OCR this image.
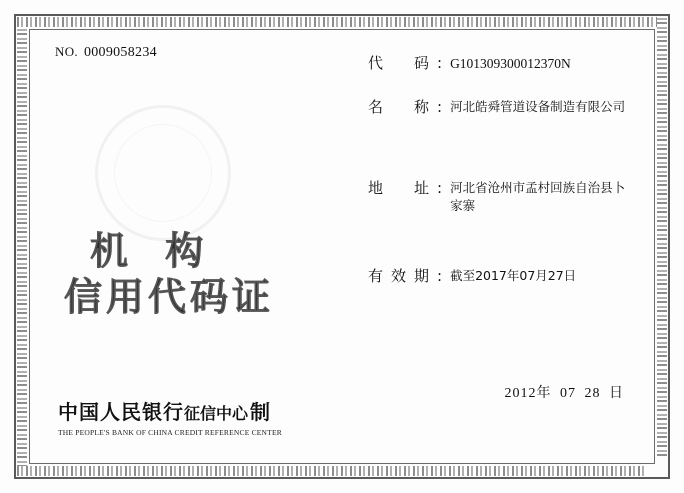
NO. 0009058234
机 构
信用代码证
代　码: G101309300012370N
名　称: 河北皓舜管道设备制造有限公司
地　址: 河北省沧州市孟村回族自治县卜家寨
有效期: 截至2017年07月27日
2012年 07 28 日
中国人民银行征信中心 制
THE PEOPLE'S BANK OF CHINA CREDIT REFERENCE CENTER
